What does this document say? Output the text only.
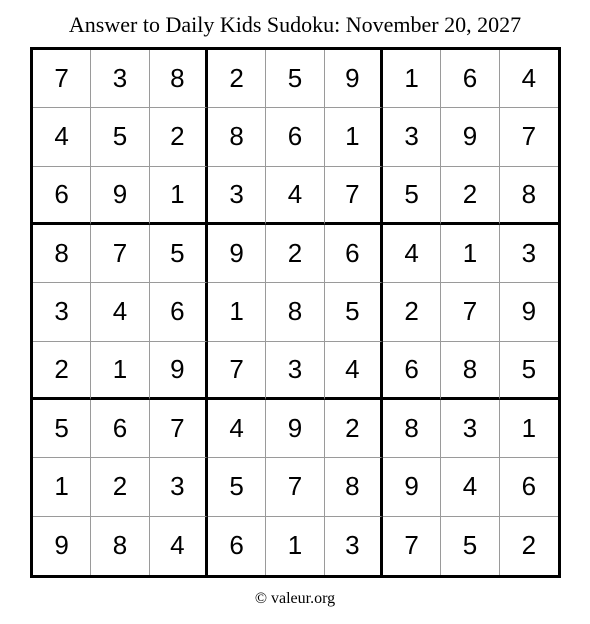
Answer to Daily Kids Sudoku: November 20, 2027
7	3	8	2	5	9	1	6	4
4	5	2	8	6	1	3	9	7
6	9	1	3	4	7	5	2	8
8	7	5	9	2	6	4	1	3
3	4	6	1	8	5	2	7	9
2	1	9	7	3	4	6	8	5
5	6	7	4	9	2	8	3	1
1	2	3	5	7	8	9	4	6
9	8	4	6	1	3	7	5	2
© valeur.org
